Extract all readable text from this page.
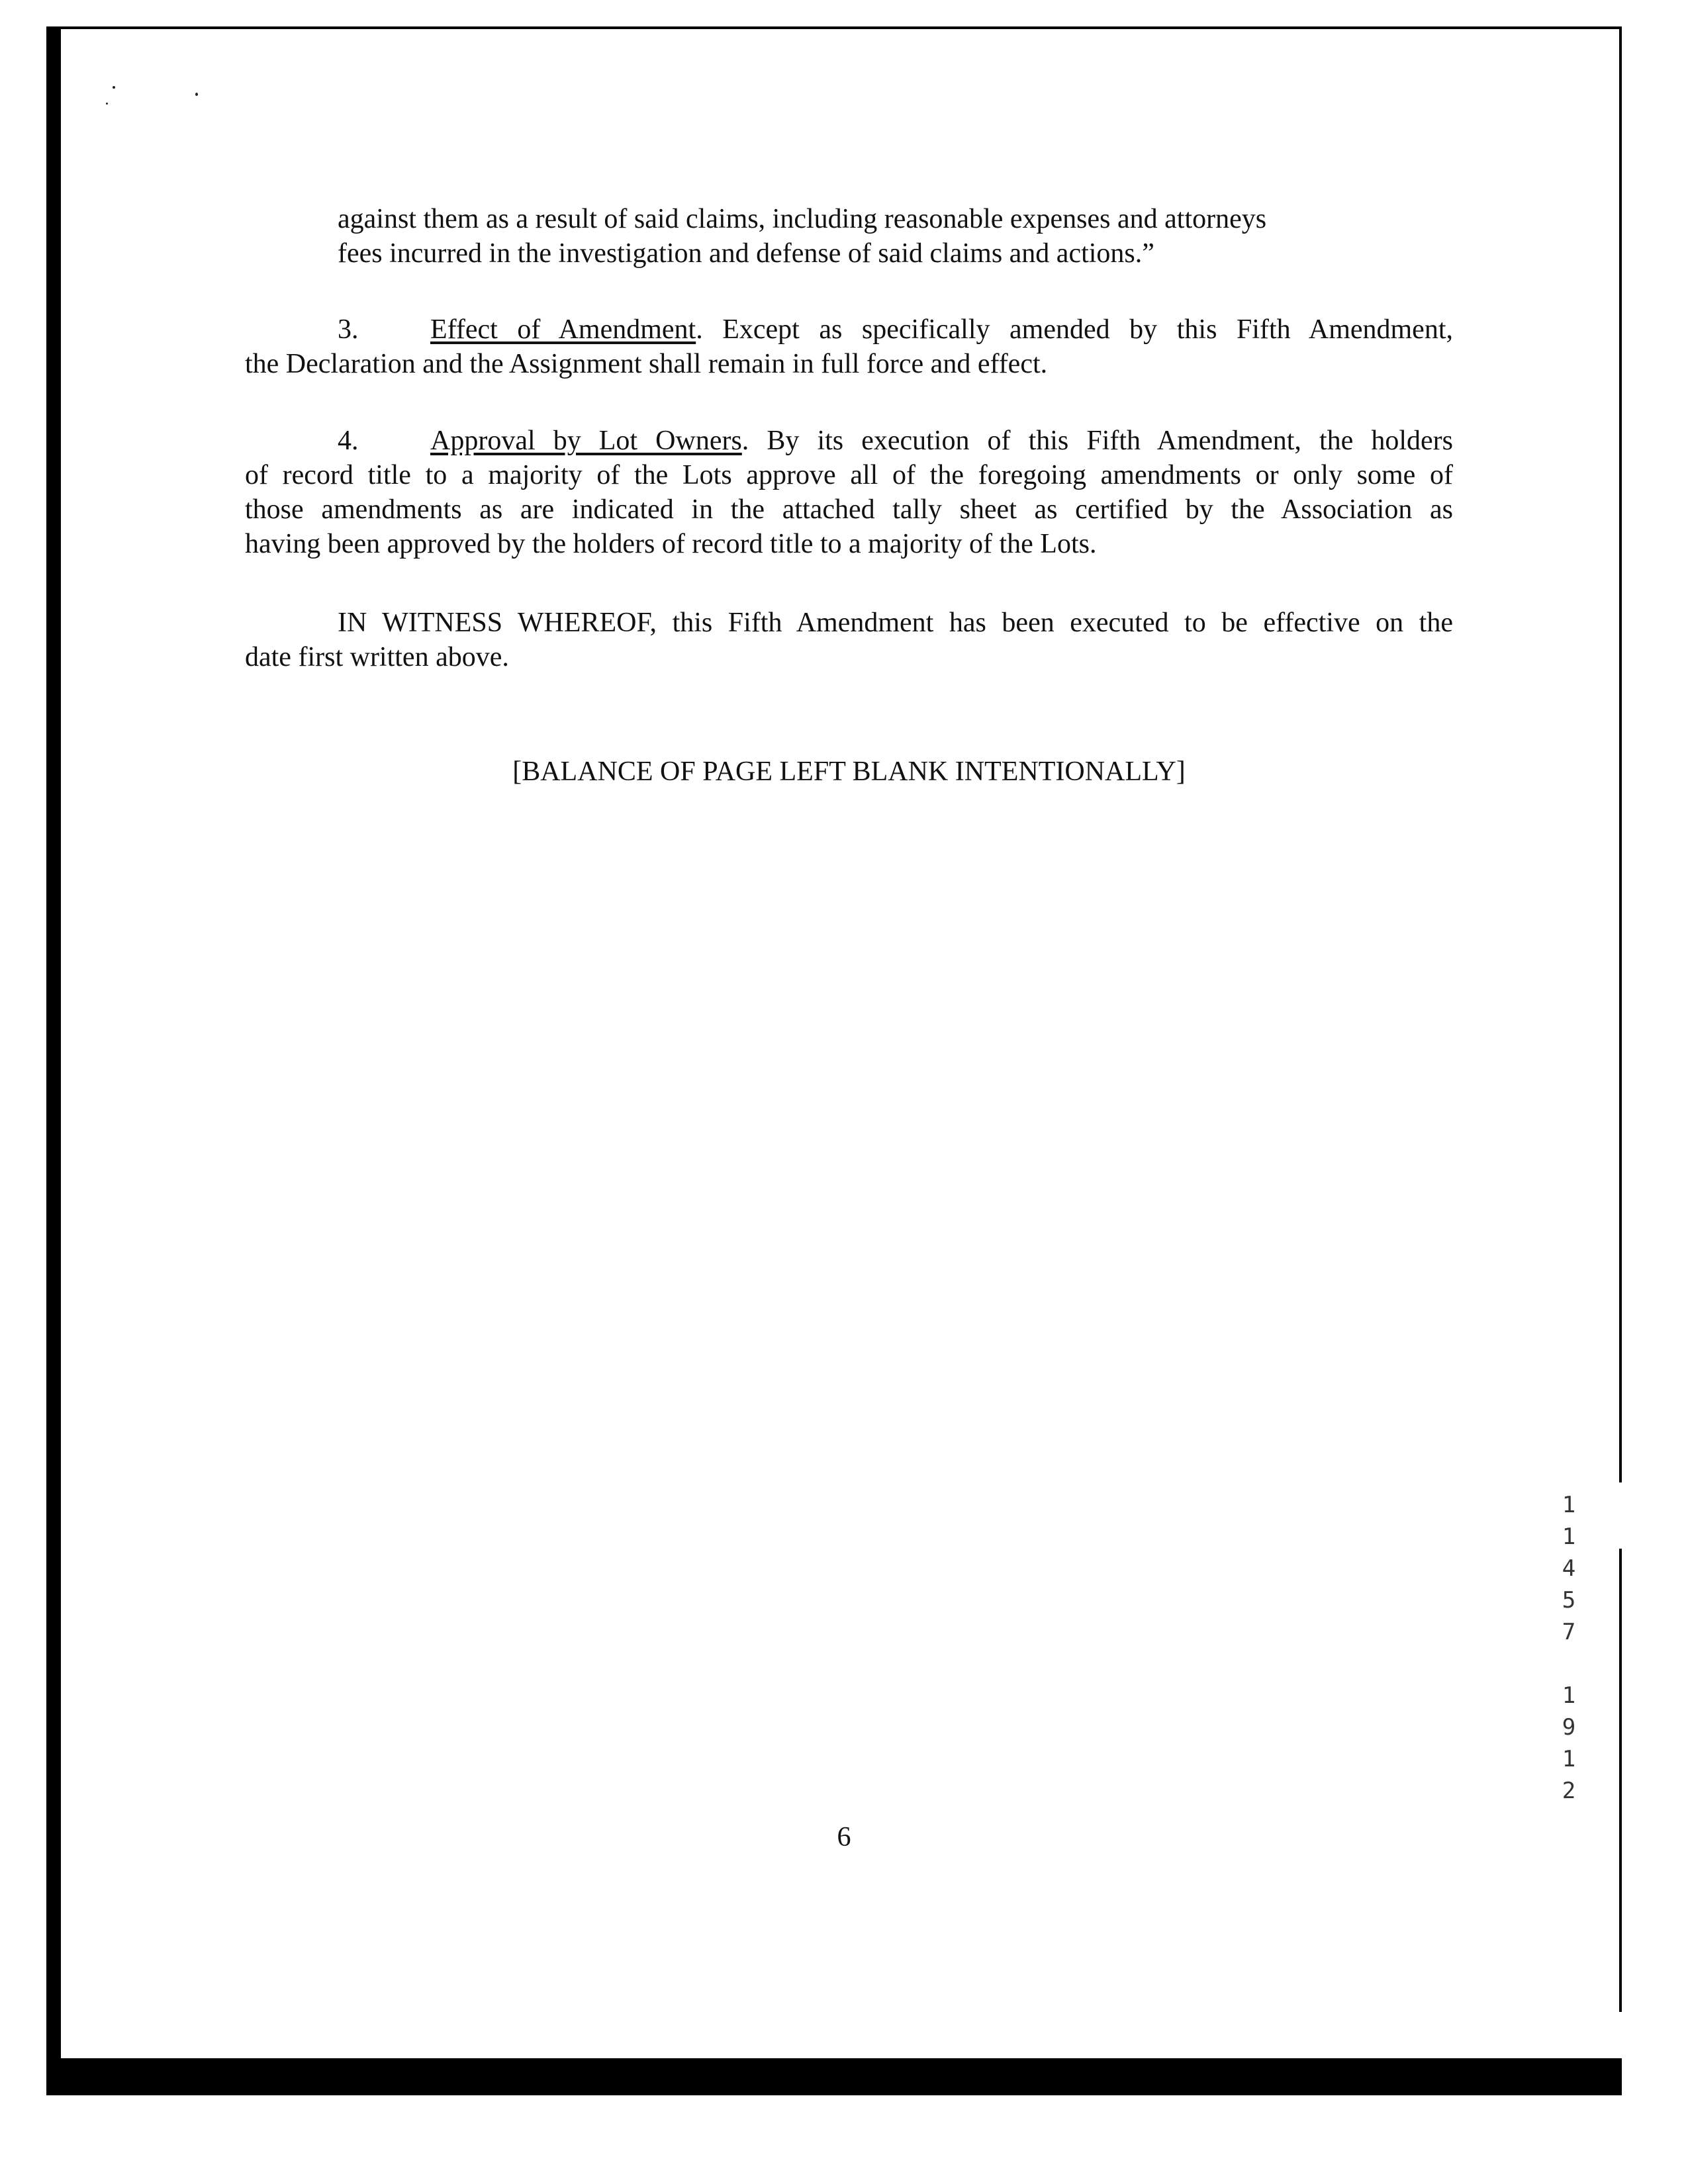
against them as a result of said claims, including reasonable expenses and attorneys
fees incurred in the investigation and defense of said claims and actions.”
3.	Effect of Amendment. Except as specifically amended by this Fifth Amendment,
the Declaration and the Assignment shall remain in full force and effect.
4.	Approval by Lot Owners. By its execution of this Fifth Amendment, the holders
of record title to a majority of the Lots approve all of the foregoing amendments or only some of
those amendments as are indicated in the attached tally sheet as certified by the Association as
having been approved by the holders of record title to a majority of the Lots.
IN WITNESS WHEREOF, this Fifth Amendment has been executed to be effective on the
date first written above.
[BALANCE OF PAGE LEFT BLANK INTENTIONALLY]
6
1
1
4
5
7

1
9
1
2
